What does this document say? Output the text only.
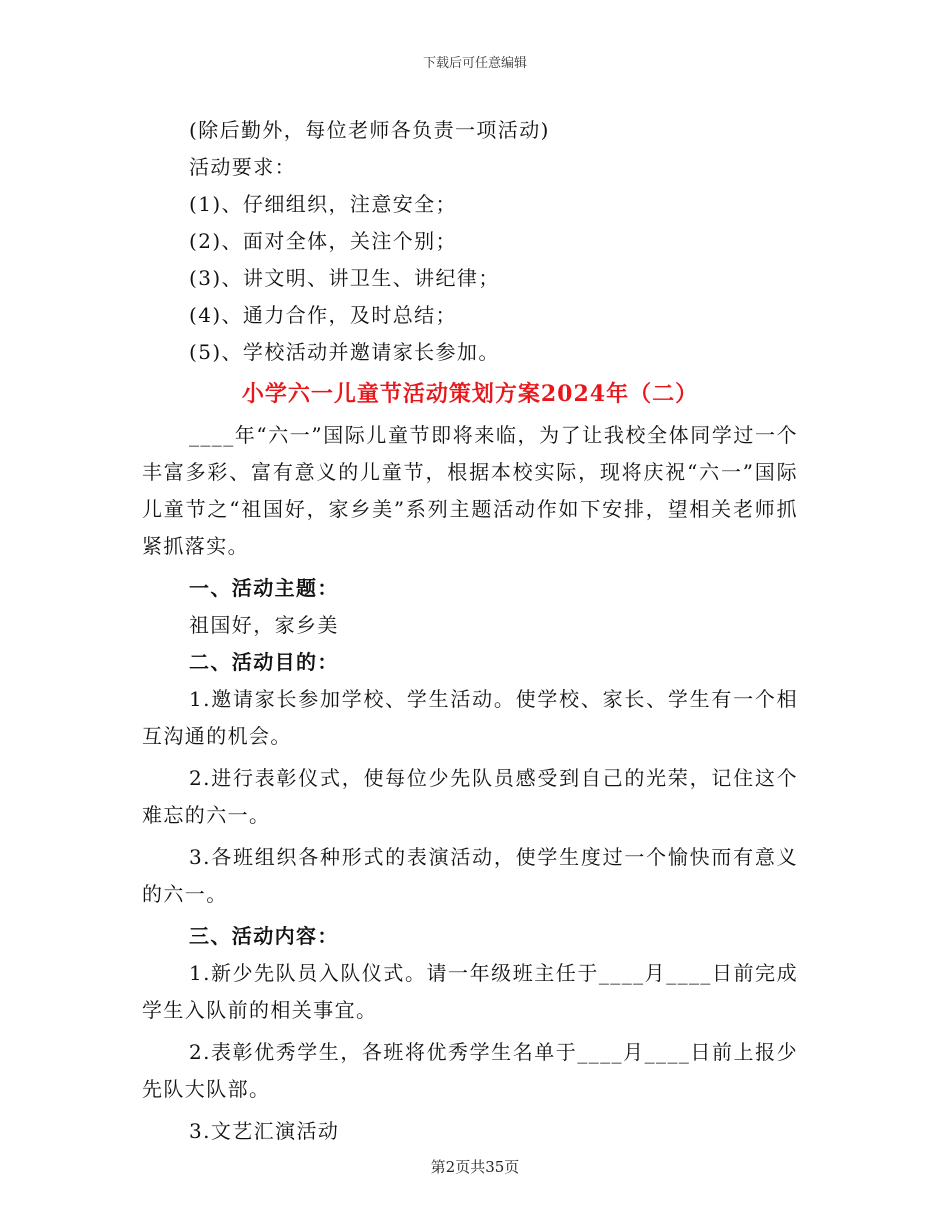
下载后可任意编辑
(除后勤外，每位老师各负责一项活动)
活动要求：
(1)、仔细组织，注意安全；
(2)、面对全体，关注个别；
(3)、讲文明、讲卫生、讲纪律；
(4)、通力合作，及时总结；
(5)、学校活动并邀请家长参加。
小学六一儿童节活动策划方案2024年（二）
____年“六一”国际儿童节即将来临，为了让我校全体同学过一个丰富多彩、富有意义的儿童节，根据本校实际，现将庆祝“六一”国际儿童节之“祖国好，家乡美”系列主题活动作如下安排，望相关老师抓紧抓落实。
一、活动主题：
祖国好，家乡美
二、活动目的：
1.邀请家长参加学校、学生活动。使学校、家长、学生有一个相互沟通的机会。
2.进行表彰仪式，使每位少先队员感受到自己的光荣，记住这个难忘的六一。
3.各班组织各种形式的表演活动，使学生度过一个愉快而有意义的六一。
三、活动内容：
1.新少先队员入队仪式。请一年级班主任于____月____日前完成学生入队前的相关事宜。
2.表彰优秀学生，各班将优秀学生名单于____月____日前上报少先队大队部。
3.文艺汇演活动
第2页共35页
